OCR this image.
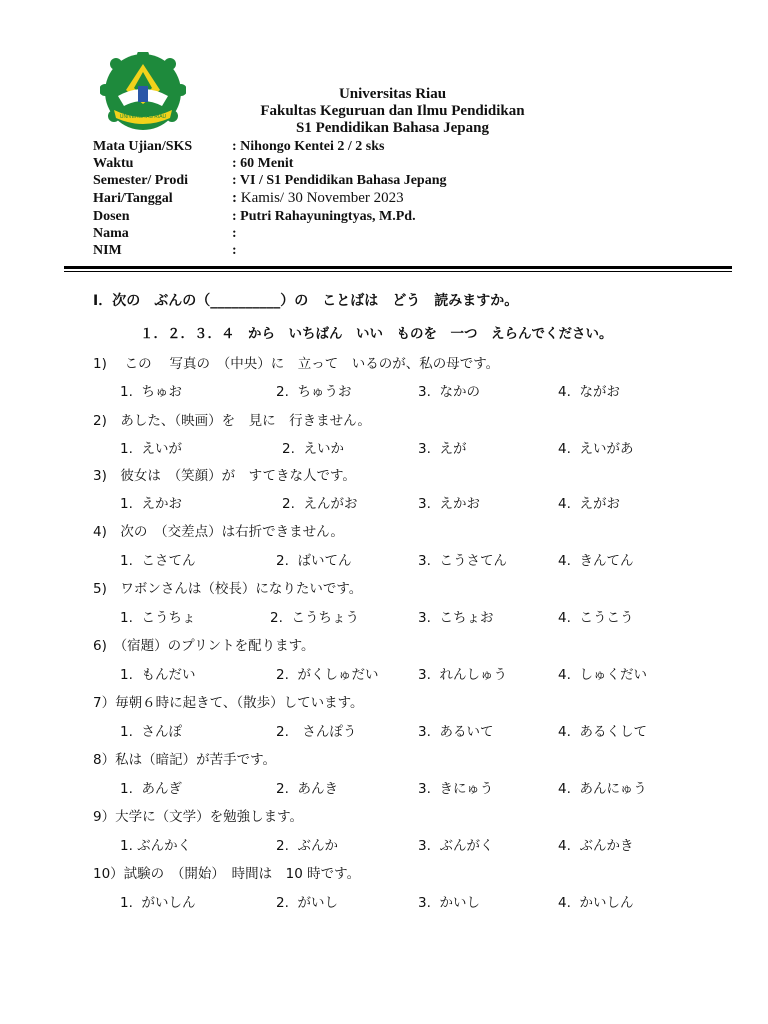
UNIVERSITAS RIAU
Universitas Riau
Fakultas Keguruan dan Ilmu Pendidikan
S1 Pendidikan Bahasa Jepang
Mata Ujian/SKS	: Nihongo Kentei 2 / 2 sks
Waktu	: 60 Menit
Semester/ Prodi	: VI / S1 Pendidikan Bahasa Jepang
Hari/Tanggal	: Kamis/ 30 November 2023
Dosen	: Putri Rahayuningtyas, M.Pd.
Nama	:
NIM	:
I．次の　ぶんの（__________）の　ことばは　どう　読みますか。
１．２．３．４　から　いちばん　いい　ものを　一つ　えらんでください。
1)　 この　 写真の　（中央）に　立って　いるのが、私の母です。
1.  ちゅお	2.  ちゅうお	3.  なかの	4.  ながお
2)　あした、（映画）を　見に　行きません。
1.  えいが	2.  えいか	3.  えが	4.  えいがあ
3)　彼女は　（笑顔）が　すてきな人です。
1.  えかお	2.  えんがお	3.  えかお	4.  えがお
4)　次の　（交差点）は右折できません。
1.  こさてん	2.  ばいてん	3.  こうさてん	4.  きんてん
5)　ワボンさんは（校長）になりたいです。
1.  こうちょ	2.  こうちょう	3.  こちょお	4.  こうこう
6)　（宿題）のプリントを配ります。
1.  もんだい	2.  がくしゅだい	3.  れんしゅう	4.  しゅくだい
7）毎朝６時に起きて、（散歩）しています。
1.  さんぽ	2.　さんぽう	3.  あるいて	4.  あるくして
8）私は（暗記）が苦手です。
1.  あんぎ	2.  あんき	3.  きにゅう	4.  あんにゅう
9）大学に（文学）を勉強します。
1. ぶんかく	2.  ぶんか	3.  ぶんがく	4.  ぶんかき
10）試験の　（開始）　時間は　10 時です。
1.  がいしん	2.  がいし	3.  かいし	4.  かいしん
